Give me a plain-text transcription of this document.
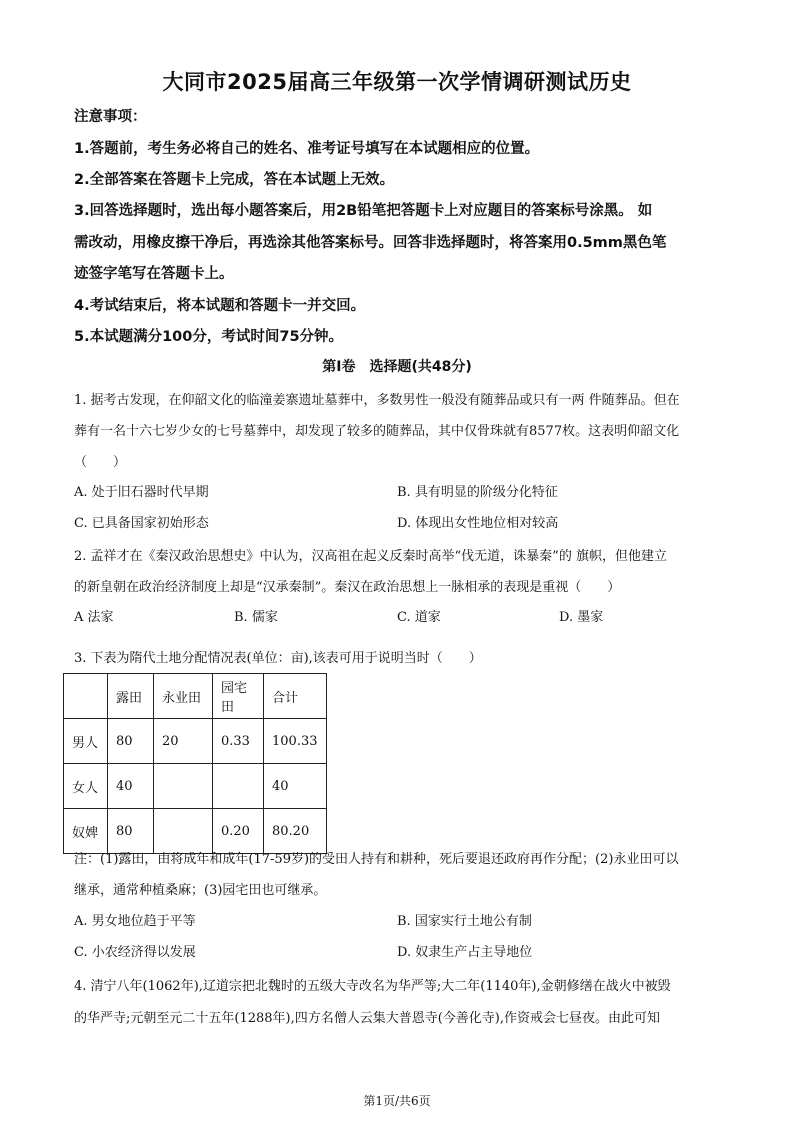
大同市2025届高三年级第一次学情调研测试历史
注意事项：
1.答题前，考生务必将自己的姓名、准考证号填写在本试题相应的位置。
2.全部答案在答题卡上完成，答在本试题上无效。
3.回答选择题时，选出每小题答案后，用2B铅笔把答题卡上对应题目的答案标号涂黑。 如
需改动，用橡皮擦干净后，再选涂其他答案标号。回答非选择题时，将答案用0.5mm黑色笔
迹签字笔写在答题卡上。
4.考试结束后，将本试题和答题卡一并交回。
5.本试题满分100分，考试时间75分钟。
第Ⅰ卷　选择题(共48分)
1. 据考古发现，在仰韶文化的临潼姜寨遗址墓葬中，多数男性一般没有随葬品或只有一两 件随葬品。但在
葬有一名十六七岁少女的七号墓葬中，却发现了较多的随葬品，其中仅骨珠就有8577枚。这表明仰韶文化
（　　）
A. 处于旧石器时代早期	B. 具有明显的阶级分化特征
C. 已具备国家初始形态	D. 体现出女性地位相对较高
2. 孟祥才在《秦汉政治思想史》中认为，汉高祖在起义反秦时高举“伐无道，诛暴秦”的 旗帜，但他建立
的新皇朝在政治经济制度上却是“汉承秦制”。秦汉在政治思想上一脉相承的表现是重视（　　）
A 法家	B. 儒家	C. 道家	D. 墨家
3. 下表为隋代土地分配情况表(单位：亩),该表可用于说明当时（　　）
	露田	永业田	园宅田	合计
男人	80	20	0.33	100.33
女人	40			40
奴婢	80		0.20	80.20
注：(1)露田，由将成年和成年(17-59岁)的受田人持有和耕种，死后要退还政府再作分配；(2)永业田可以
继承，通常种植桑麻；(3)园宅田也可继承。
A. 男女地位趋于平等	B. 国家实行土地公有制
C. 小农经济得以发展	D. 奴隶生产占主导地位
4. 清宁八年(1062年),辽道宗把北魏时的五级大寺改名为华严等;大二年(1140年),金朝修缮在战火中被毁
的华严寺;元朝至元二十五年(1288年),四方名僧人云集大普恩寺(今善化寺),作资戒会七昼夜。由此可知
第1页/共6页
